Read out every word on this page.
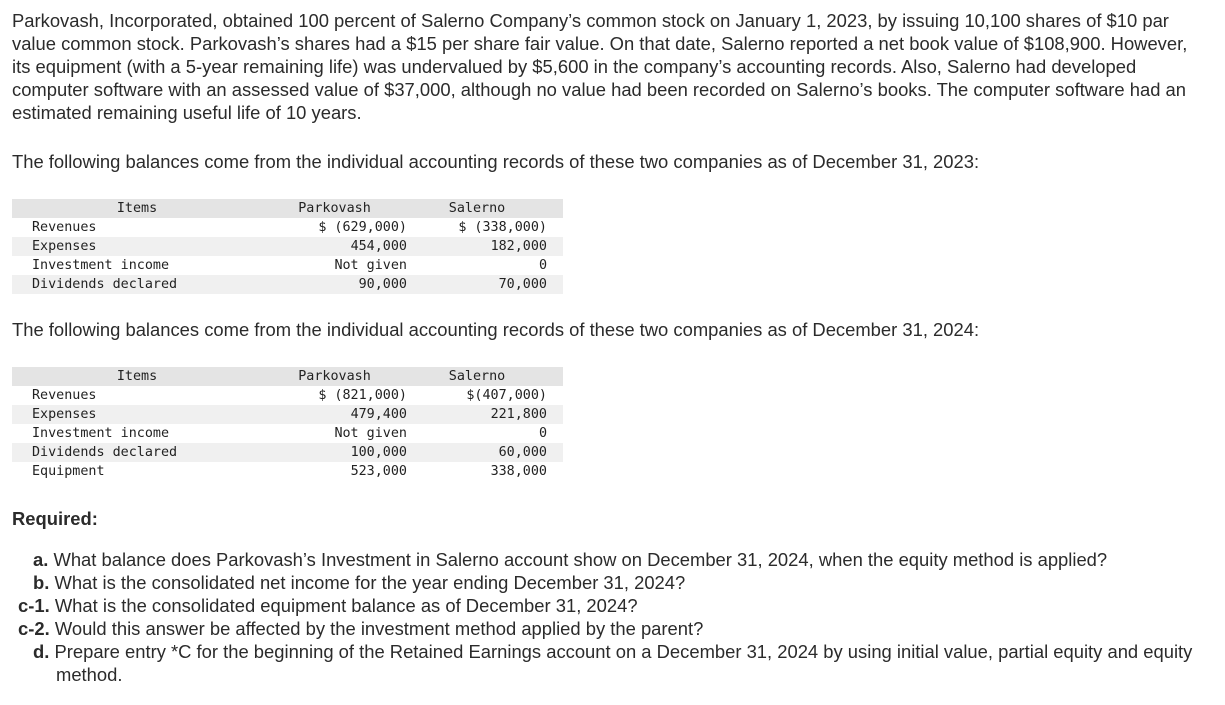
Parkovash, Incorporated, obtained 100 percent of Salerno Company’s common stock on January 1, 2023, by issuing 10,100 shares of $10 par value common stock. Parkovash’s shares had a $15 per share fair value. On that date, Salerno reported a net book value of $108,900. However, its equipment (with a 5-year remaining life) was undervalued by $5,600 in the company’s accounting records. Also, Salerno had developed computer software with an assessed value of $37,000, although no value had been recorded on Salerno’s books. The computer software had an estimated remaining useful life of 10 years.

The following balances come from the individual accounting records of these two companies as of December 31, 2023:

Items	Parkovash	Salerno	
Revenues	$ (629,000)	$ (338,000)	
Expenses	454,000	182,000	
Investment income	Not given	0	
Dividends declared	90,000	70,000	

The following balances come from the individual accounting records of these two companies as of December 31, 2024:

Items	Parkovash	Salerno	
Revenues	$ (821,000)	$(407,000)	
Expenses	479,400	221,800	
Investment income	Not given	0	
Dividends declared	100,000	60,000	
Equipment	523,000	338,000	

Required:

a. What balance does Parkovash’s Investment in Salerno account show on December 31, 2024, when the equity method is applied?

b. What is the consolidated net income for the year ending December 31, 2024?

c-1. What is the consolidated equipment balance as of December 31, 2024?

c-2. Would this answer be affected by the investment method applied by the parent?

d. Prepare entry *C for the beginning of the Retained Earnings account on a December 31, 2024 by using initial value, partial equity and equity method.
